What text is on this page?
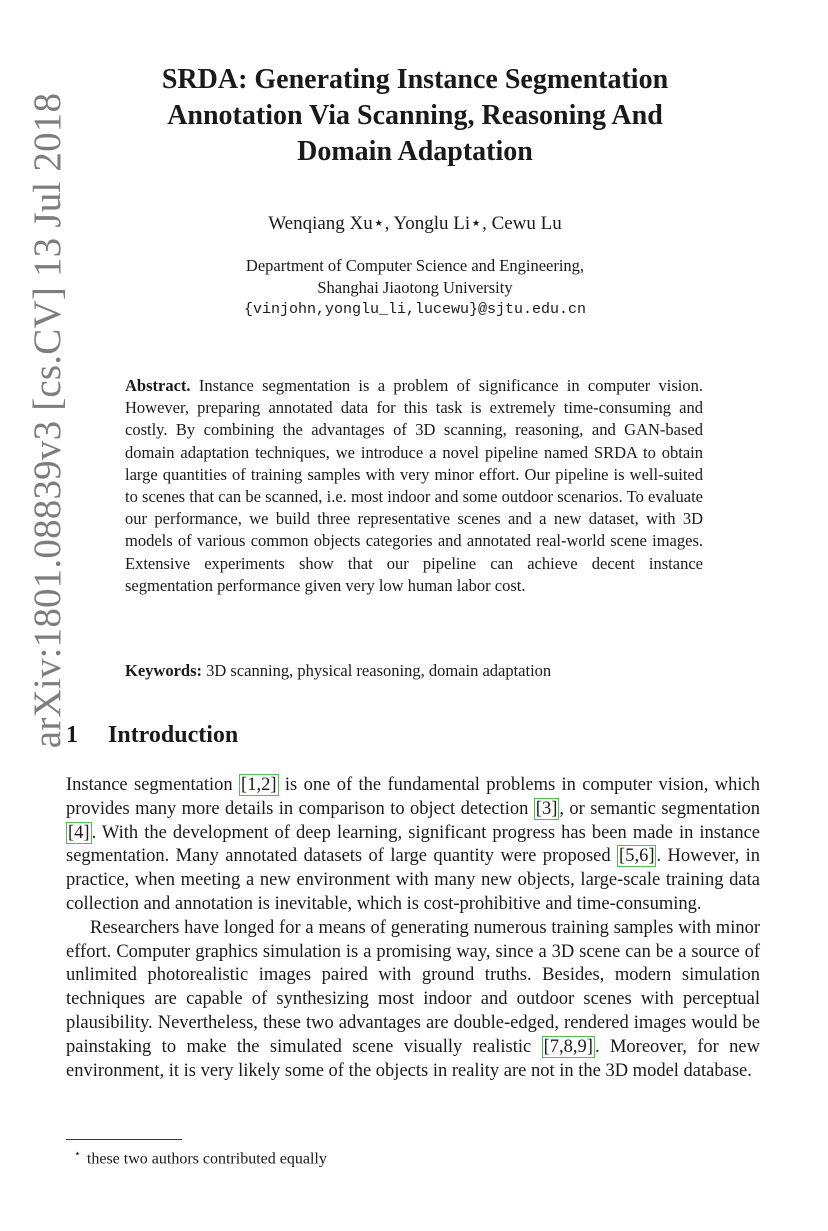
arXiv:1801.08839v3 [cs.CV] 13 Jul 2018
SRDA: Generating Instance Segmentation
Annotation Via Scanning, Reasoning And
Domain Adaptation
Wenqiang Xu⋆, Yonglu Li⋆, Cewu Lu
Department of Computer Science and Engineering,
Shanghai Jiaotong University
{vinjohn,yonglu_li,lucewu}@sjtu.edu.cn
Abstract. Instance segmentation is a problem of significance in computer vision. However, preparing annotated data for this task is extremely time-consuming and costly. By combining the advantages of 3D scanning, reasoning, and GAN-based domain adaptation techniques, we introduce a novel pipeline named SRDA to obtain large quantities of training samples with very minor effort. Our pipeline is well-suited to scenes that can be scanned, i.e. most indoor and some outdoor scenarios. To evaluate our performance, we build three representative scenes and a new dataset, with 3D models of various common objects categories and annotated real-world scene images. Extensive experiments show that our pipeline can achieve decent instance segmentation performance given very low human labor cost.
Keywords: 3D scanning, physical reasoning, domain adaptation
1 Introduction

Instance segmentation [1,2] is one of the fundamental problems in computer vision, which provides many more details in comparison to object detection [3] , or semantic segmentation [4] . With the development of deep learning, significant progress has been made in instance segmentation. Many annotated datasets of large quantity were proposed [5,6] . However, in practice, when meeting a new environment with many new objects, large-scale training data collection and annotation is inevitable, which is cost-prohibitive and time-consuming.

Researchers have longed for a means of generating numerous training samples with minor effort. Computer graphics simulation is a promising way, since a 3D scene can be a source of unlimited photorealistic images paired with ground truths. Besides, modern simulation techniques are capable of synthesizing most indoor and outdoor scenes with perceptual plausibility. Nevertheless, these two advantages are double-edged, rendered images would be painstaking to make the simulated scene visually realistic [7,8,9] . Moreover, for new environment, it is very likely some of the objects in reality are not in the 3D model database.

⋆ these two authors contributed equally
